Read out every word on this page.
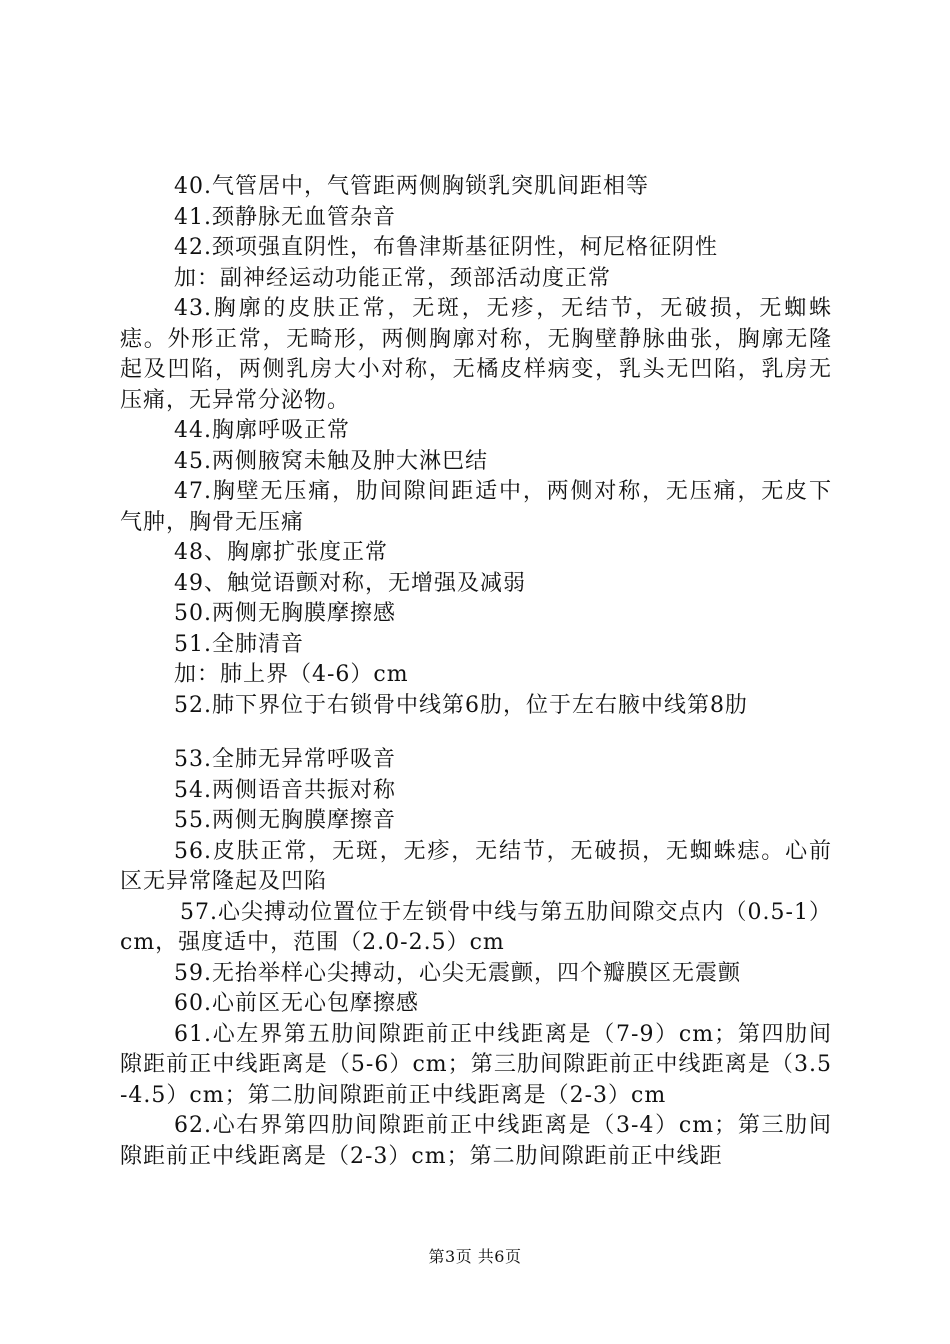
40.气管居中，气管距两侧胸锁乳突肌间距相等

41.颈静脉无血管杂音

42.颈项强直阴性，布鲁津斯基征阴性，柯尼格征阴性

加：副神经运动功能正常，颈部活动度正常

43.胸廓的皮肤正常，无斑，无疹，无结节，无破损，无蜘蛛痣。外形正常，无畸形，两侧胸廓对称，无胸壁静脉曲张，胸廓无隆起及凹陷，两侧乳房大小对称，无橘皮样病变，乳头无凹陷，乳房无压痛，无异常分泌物。

44.胸廓呼吸正常

45.两侧腋窝未触及肿大淋巴结

47.胸壁无压痛，肋间隙间距适中，两侧对称，无压痛，无皮下气肿，胸骨无压痛

48、胸廓扩张度正常

49、触觉语颤对称，无增强及减弱

50.两侧无胸膜摩擦感

51.全肺清音

加：肺上界（4-6）cm

52.肺下界位于右锁骨中线第6肋，位于左右腋中线第8肋

53.全肺无异常呼吸音

54.两侧语音共振对称

55.两侧无胸膜摩擦音

56.皮肤正常，无斑，无疹，无结节，无破损，无蜘蛛痣。心前区无异常隆起及凹陷

57.心尖搏动位置位于左锁骨中线与第五肋间隙交点内（0.5-1）cm，强度适中，范围（2.0-2.5）cm

59.无抬举样心尖搏动，心尖无震颤，四个瓣膜区无震颤

60.心前区无心包摩擦感

61.心左界第五肋间隙距前正中线距离是（7-9）cm；第四肋间隙距前正中线距离是（5-6）cm；第三肋间隙距前正中线距离是（3.5-4.5）cm；第二肋间隙距前正中线距离是（2-3）cm

62.心右界第四肋间隙距前正中线距离是（3-4）cm；第三肋间隙距前正中线距离是（2-3）cm；第二肋间隙距前正中线距

第3页 共6页
